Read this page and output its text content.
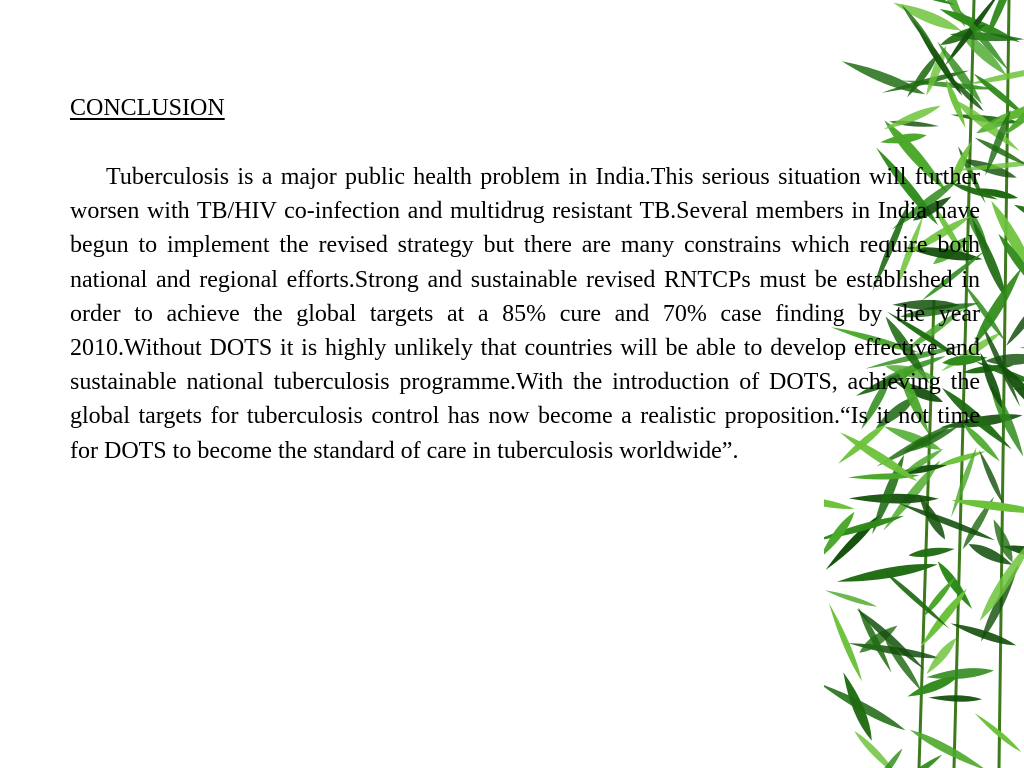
CONCLUSION

Tuberculosis is a major public health problem in India.This serious situation will further worsen with TB/HIV co-infection and multidrug resistant TB.Several members in India have begun to implement the revised strategy but there are many constrains which require both national and regional efforts.Strong and sustainable revised RNTCPs must be established in order to achieve the global targets at a 85% cure and 70% case finding by the year 2010.Without DOTS it is highly unlikely that countries will be able to develop effective and sustainable national tuberculosis programme.With the introduction of DOTS, achieving the global targets for tuberculosis control has now become a realistic proposition.“Is it not time for DOTS to become the standard of care in tuberculosis worldwide”.
